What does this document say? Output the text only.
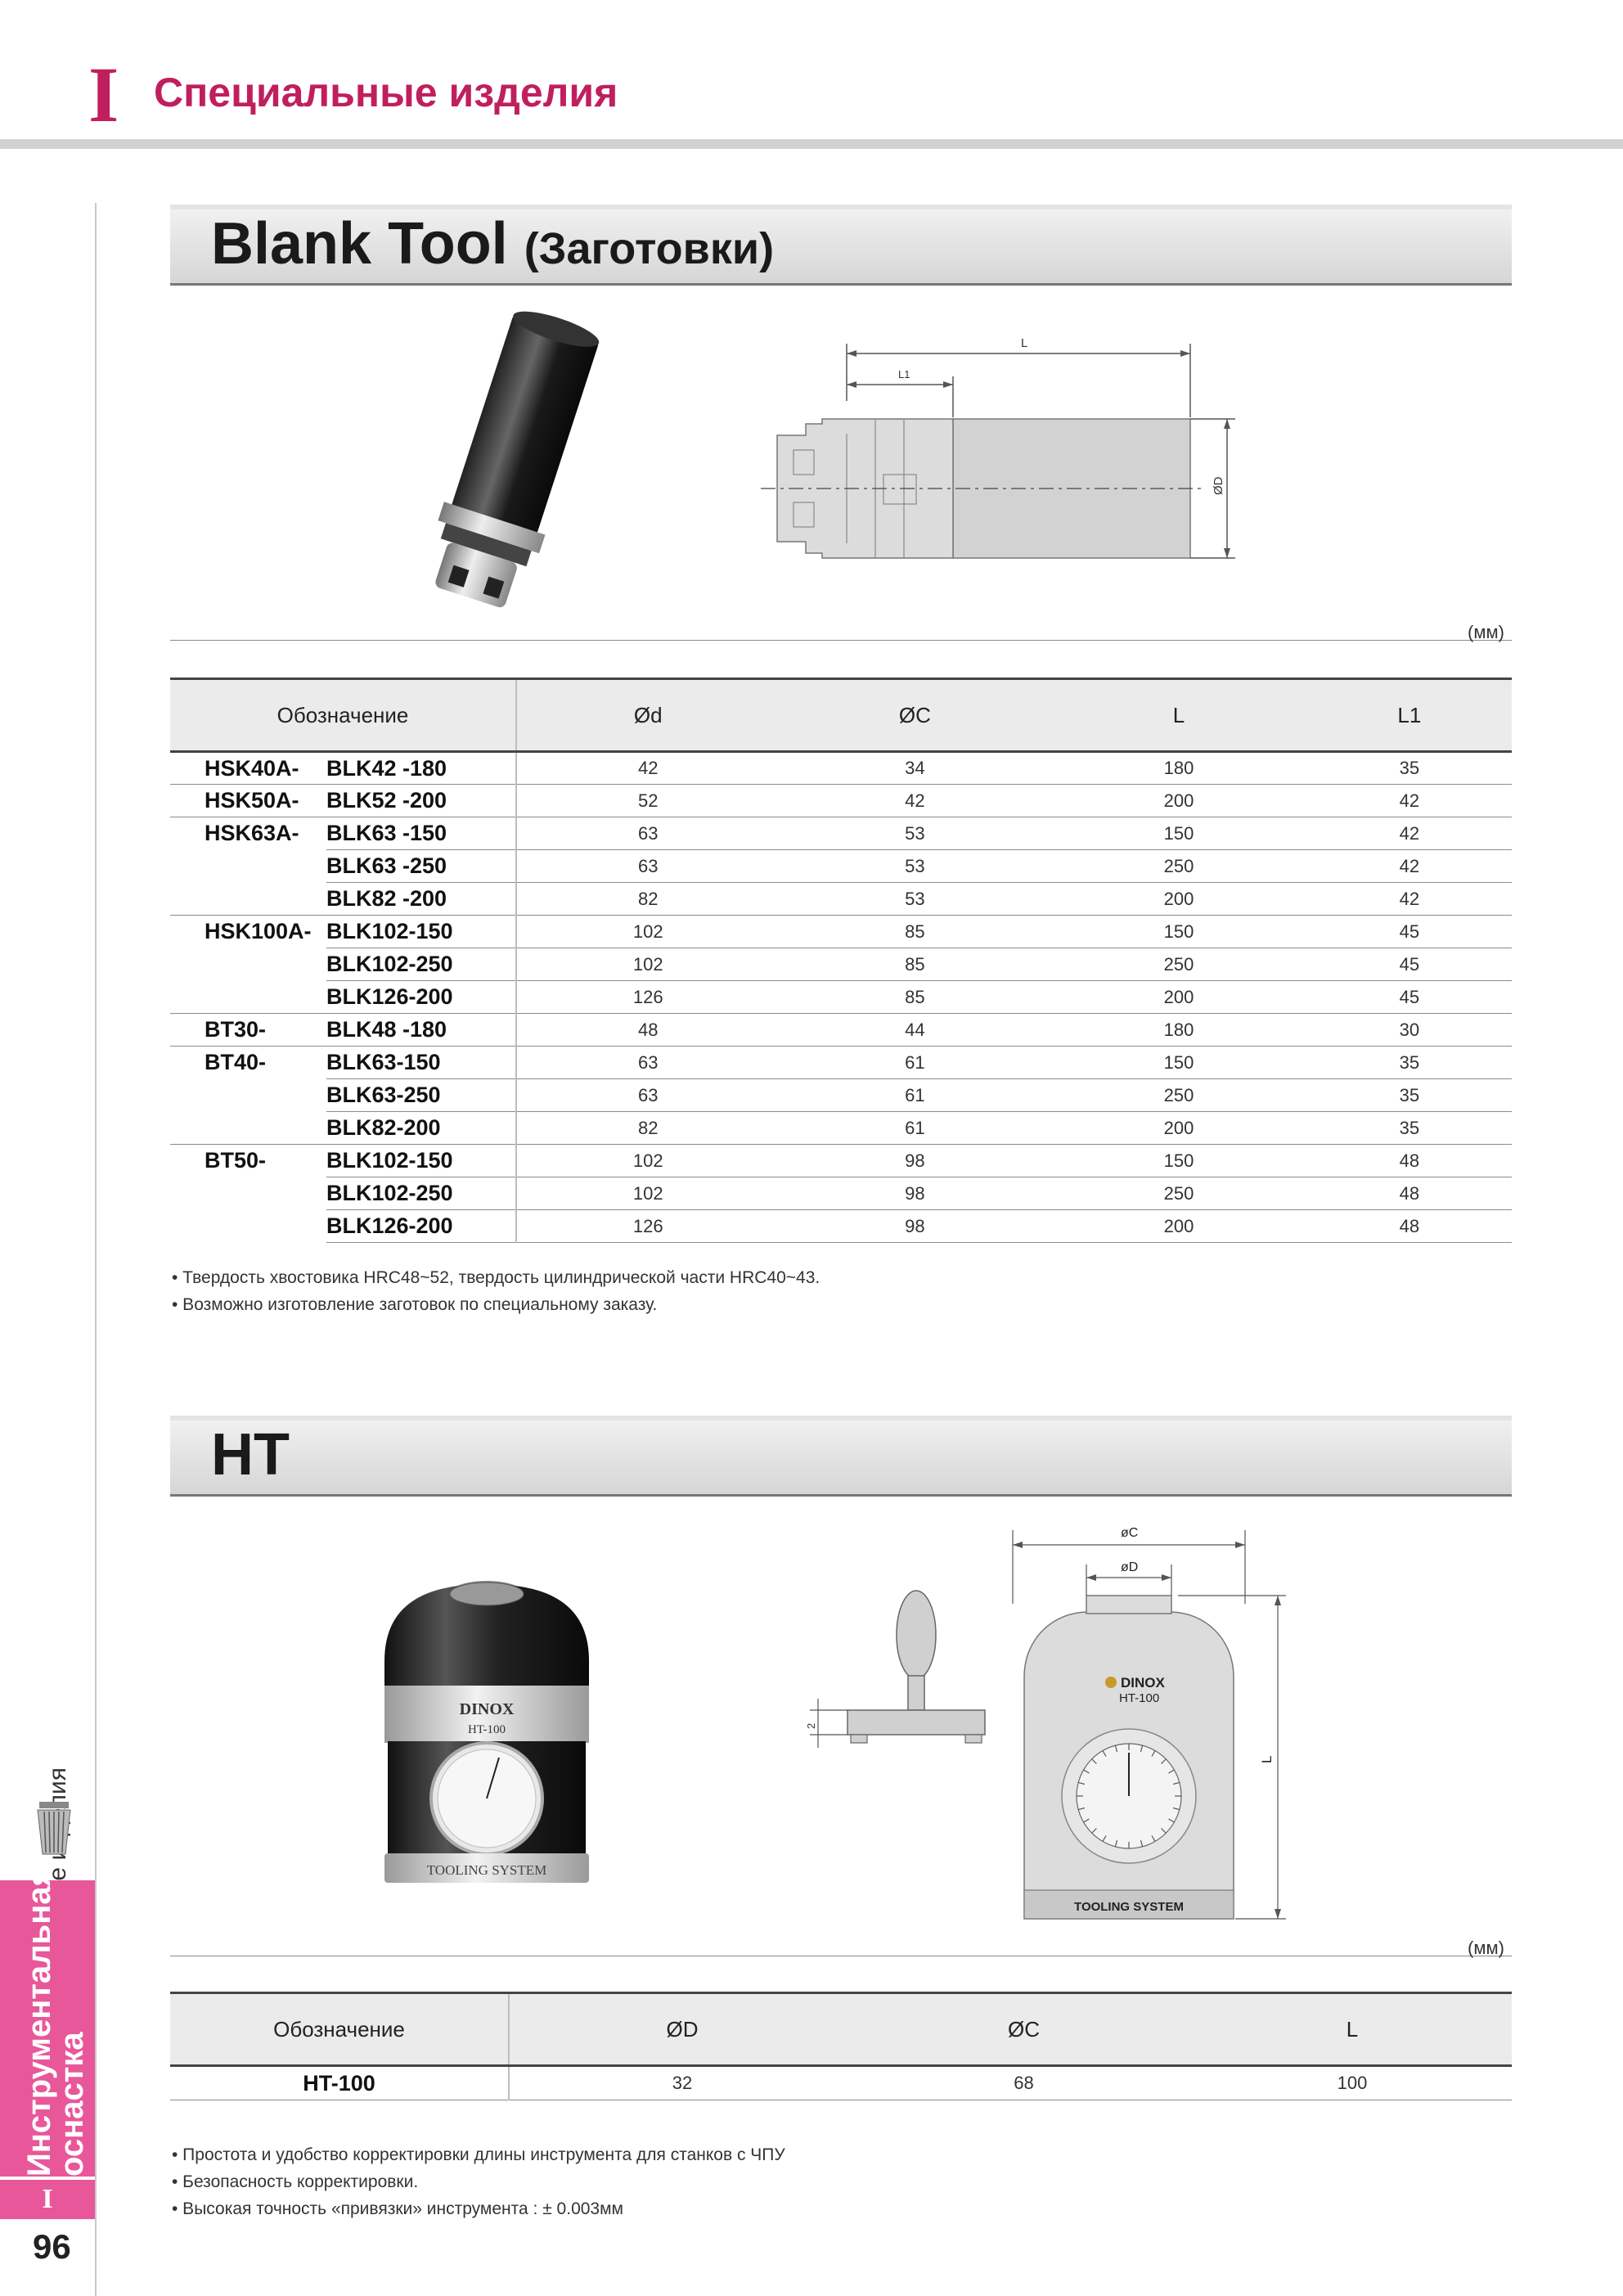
I Специальные изделия
Инструментальная
оснастка
I
96
Blank Tool (Заготовки)
L
L1
ØD
(мм)
Обозначение		Ød	ØC	L	L1
HSK40A-	BLK42 -180	42	34	180	35
HSK50A-	BLK52 -200	52	42	200	42
HSK63A-	BLK63 -150	63	53	150	42
	BLK63 -250	63	53	250	42
	BLK82 -200	82	53	200	42
HSK100A-	BLK102-150	102	85	150	45
	BLK102-250	102	85	250	45
	BLK126-200	126	85	200	45
BT30-	BLK48 -180	48	44	180	30
BT40-	BLK63-150	63	61	150	35
	BLK63-250	63	61	250	35
	BLK82-200	82	61	200	35
BT50-	BLK102-150	102	98	150	48
	BLK102-250	102	98	250	48
	BLK126-200	126	98	200	48
• Твердость хвостовика HRC48~52, твердость цилиндрической части HRC40~43.
• Возможно изготовление заготовок по специальному заказу.
HT
DINOX
HT-100
TOOLING SYSTEM
2
TOOLING SYSTEM
DINOX
HT-100
øC
øD
L
(мм)
Обозначение	ØD	ØC	L
HT-100	32	68	100
• Простота и удобство корректировки длины инструмента для станков с ЧПУ
• Безопасность корректировки.
• Высокая точность «привязки» инструмента : ± 0.003мм
